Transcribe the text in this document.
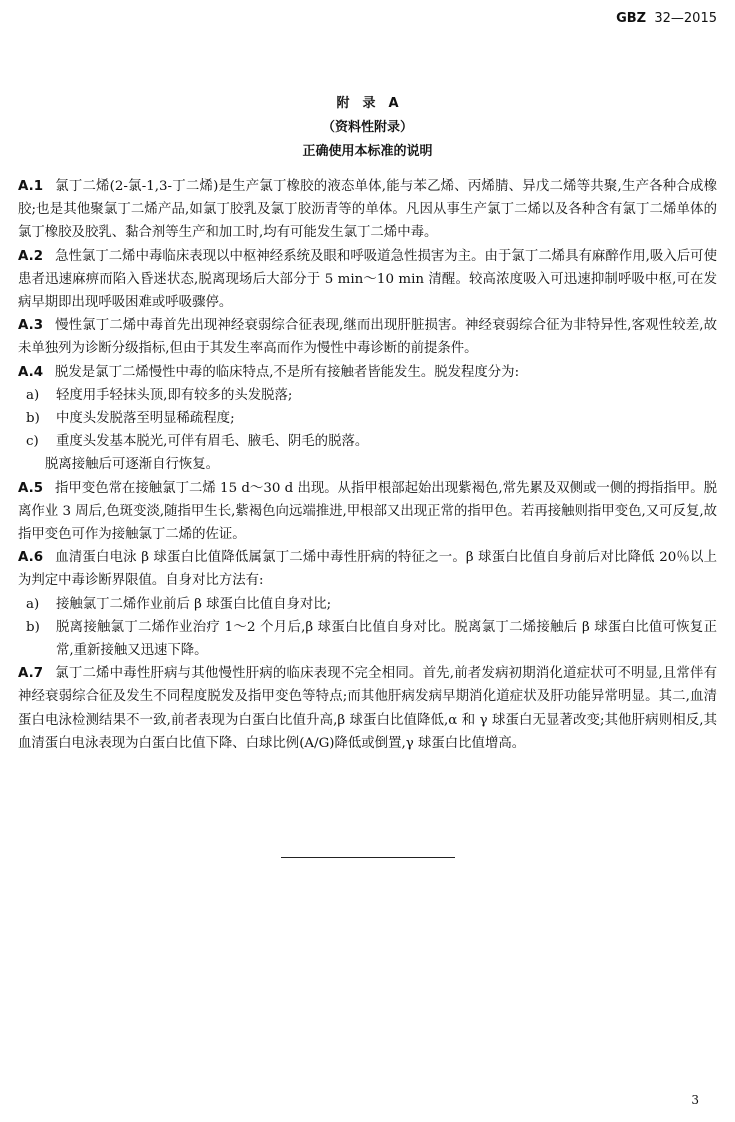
GBZ 32—2015
附　录　A
（资料性附录）
正确使用本标准的说明

A.1 氯丁二烯(2-氯-1,3-丁二烯)是生产氯丁橡胶的液态单体,能与苯乙烯、丙烯腈、异戊二烯等共聚,生产各种合成橡胶;也是其他聚氯丁二烯产品,如氯丁胶乳及氯丁胶沥青等的单体。凡因从事生产氯丁二烯以及各种含有氯丁二烯单体的氯丁橡胶及胶乳、黏合剂等生产和加工时,均有可能发生氯丁二烯中毒。

A.2 急性氯丁二烯中毒临床表现以中枢神经系统及眼和呼吸道急性损害为主。由于氯丁二烯具有麻醉作用,吸入后可使患者迅速麻痹而陷入昏迷状态,脱离现场后大部分于 5 min～10 min 清醒。较高浓度吸入可迅速抑制呼吸中枢,可在发病早期即出现呼吸困难或呼吸骤停。

A.3 慢性氯丁二烯中毒首先出现神经衰弱综合征表现,继而出现肝脏损害。神经衰弱综合征为非特异性,客观性较差,故未单独列为诊断分级指标,但由于其发生率高而作为慢性中毒诊断的前提条件。

A.4 脱发是氯丁二烯慢性中毒的临床特点,不是所有接触者皆能发生。脱发程度分为:

a)	轻度用手轻抹头顶,即有较多的头发脱落;
b)	中度头发脱落至明显稀疏程度;
c)	重度头发基本脱光,可伴有眉毛、腋毛、阴毛的脱落。

脱离接触后可逐渐自行恢复。

A.5 指甲变色常在接触氯丁二烯 15 d～30 d 出现。从指甲根部起始出现紫褐色,常先累及双侧或一侧的拇指指甲。脱离作业 3 周后,色斑变淡,随指甲生长,紫褐色向远端推进,甲根部又出现正常的指甲色。若再接触则指甲变色,又可反复,故指甲变色可作为接触氯丁二烯的佐证。

A.6 血清蛋白电泳 β 球蛋白比值降低属氯丁二烯中毒性肝病的特征之一。β 球蛋白比值自身前后对比降低 20％以上为判定中毒诊断界限值。自身对比方法有:

a)	接触氯丁二烯作业前后 β 球蛋白比值自身对比;
b)	脱离接触氯丁二烯作业治疗 1～2 个月后,β 球蛋白比值自身对比。脱离氯丁二烯接触后 β 球蛋白比值可恢复正常,重新接触又迅速下降。

A.7 氯丁二烯中毒性肝病与其他慢性肝病的临床表现不完全相同。首先,前者发病初期消化道症状可不明显,且常伴有神经衰弱综合征及发生不同程度脱发及指甲变色等特点;而其他肝病发病早期消化道症状及肝功能异常明显。其二,血清蛋白电泳检测结果不一致,前者表现为白蛋白比值升高,β 球蛋白比值降低,α 和 γ 球蛋白无显著改变;其他肝病则相反,其血清蛋白电泳表现为白蛋白比值下降、白球比例(A/G)降低或倒置,γ 球蛋白比值增高。

3
